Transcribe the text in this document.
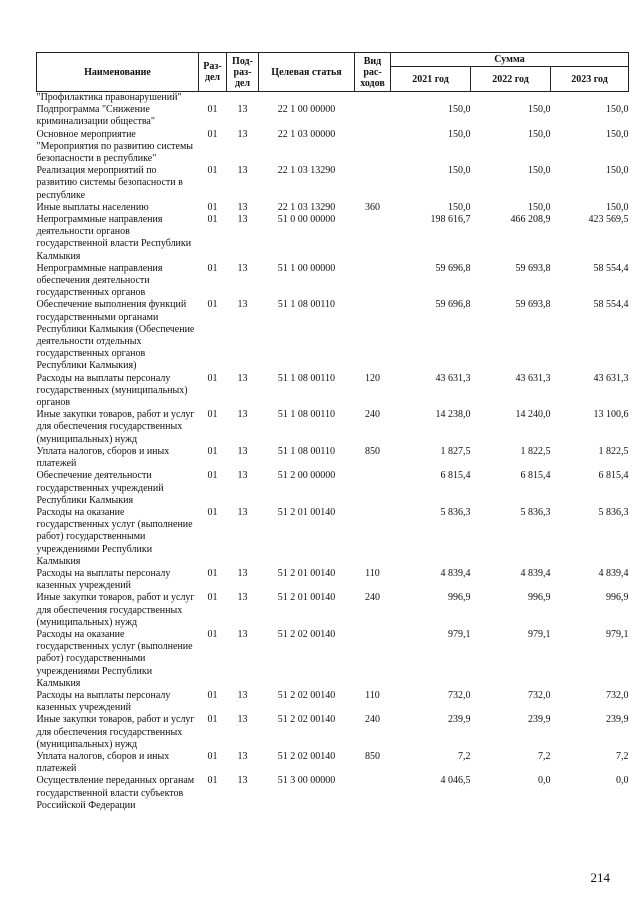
Наименование	Раз-дел	Под-раз-дел	Целевая статья	Вид рас-ходов	Сумма		
					2021 год	2022 год	2023 год
"Профилактика правонарушений"							
Подпрограмма "Снижение криминализации общества"	01	13	22 1 00 00000		150,0	150,0	150,0
Основное мероприятие "Мероприятия по развитию системы безопасности в республике"	01	13	22 1 03 00000		150,0	150,0	150,0
Реализация мероприятий по развитию системы безопасности в республике	01	13	22 1 03 13290		150,0	150,0	150,0
Иные выплаты населению	01	13	22 1 03 13290	360	150,0	150,0	150,0
Непрограммные направления деятельности органов государственной власти Республики Калмыкия	01	13	51 0 00 00000		198 616,7	466 208,9	423 569,5
Непрограммные направления обеспечения деятельности государственных органов	01	13	51 1 00 00000		59 696,8	59 693,8	58 554,4
Обеспечение выполнения функций государственными органами Республики Калмыкия (Обеспечение деятельности отдельных государственных органов Республики Калмыкия)	01	13	51 1 08 00110		59 696,8	59 693,8	58 554,4
Расходы на выплаты персоналу государственных (муниципальных) органов	01	13	51 1 08 00110	120	43 631,3	43 631,3	43 631,3
Иные закупки товаров, работ и услуг для обеспечения государственных (муниципальных) нужд	01	13	51 1 08 00110	240	14 238,0	14 240,0	13 100,6
Уплата налогов, сборов и иных платежей	01	13	51 1 08 00110	850	1 827,5	1 822,5	1 822,5
Обеспечение деятельности государственных учреждений Республики Калмыкия	01	13	51 2 00 00000		6 815,4	6 815,4	6 815,4
Расходы на оказание государственных услуг (выполнение работ) государственными учреждениями Республики Калмыкия	01	13	51 2 01 00140		5 836,3	5 836,3	5 836,3
Расходы на выплаты персоналу казенных учреждений	01	13	51 2 01 00140	110	4 839,4	4 839,4	4 839,4
Иные закупки товаров, работ и услуг для обеспечения государственных (муниципальных) нужд	01	13	51 2 01 00140	240	996,9	996,9	996,9
Расходы на оказание государственных услуг (выполнение работ) государственными учреждениями Республики Калмыкия	01	13	51 2 02 00140		979,1	979,1	979,1
Расходы на выплаты персоналу казенных учреждений	01	13	51 2 02 00140	110	732,0	732,0	732,0
Иные закупки товаров, работ и услуг для обеспечения государственных (муниципальных) нужд	01	13	51 2 02 00140	240	239,9	239,9	239,9
Уплата налогов, сборов и иных платежей	01	13	51 2 02 00140	850	7,2	7,2	7,2
Осуществление переданных органам государственной власти субъектов Российской Федерации	01	13	51 3 00 00000		4 046,5	0,0	0,0
214
